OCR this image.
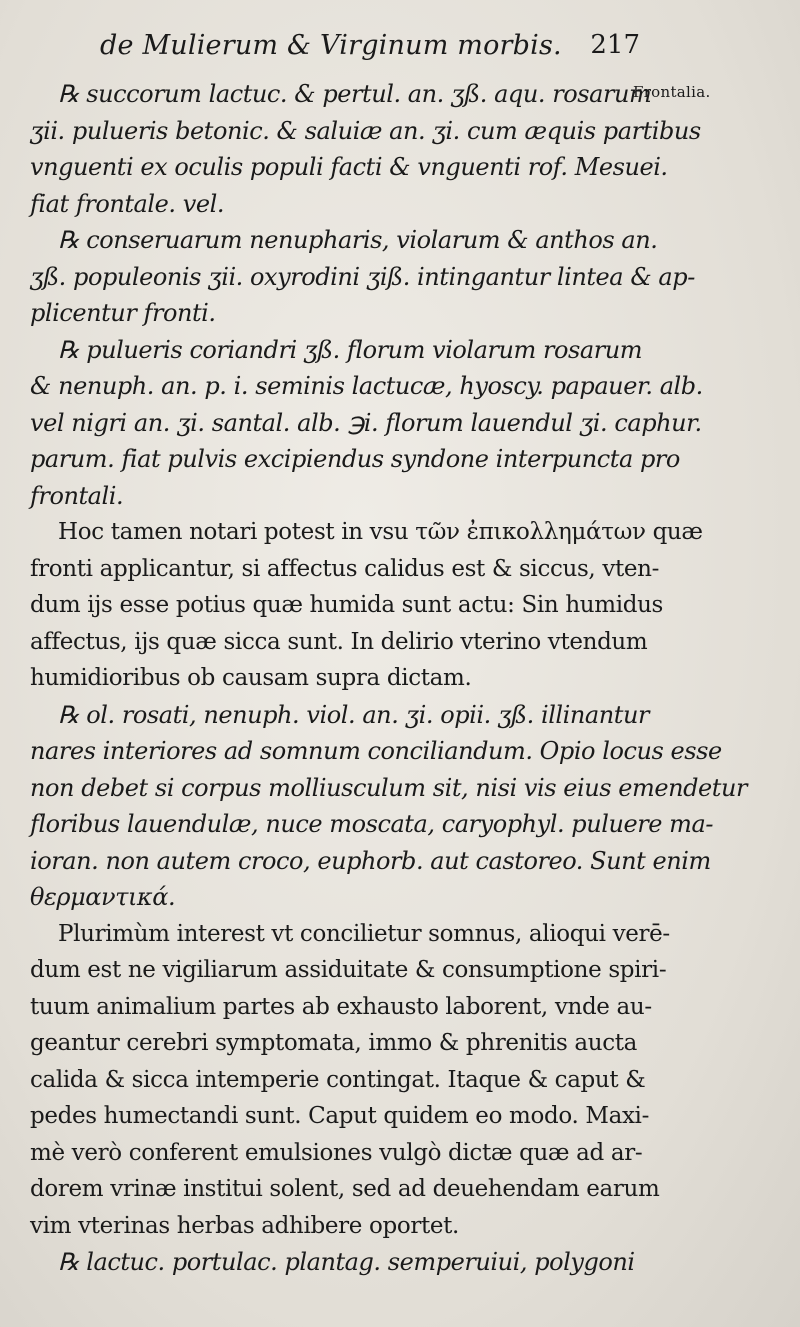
de Mulierum & Virginum morbis. 217
Frontalia.
℞ succorum lactuc. & pertul. an. ʒß. aqu. rosarum
ʒii. pulueris betonic. & saluiæ an. ʒi. cum æquis partibus
vnguenti ex oculis populi facti & vnguenti rof. Mesuei.
fiat frontale. vel.
℞ conseruarum nenupharis, violarum & anthos an.
ʒß. populeonis ʒii. oxyrodini ʒiß. intingantur lintea & ap-
plicentur fronti.
℞ pulueris coriandri ʒß. florum violarum rosarum
& nenuph. an. p. i. seminis lactucæ, hyoscy. papauer. alb.
vel nigri an. ʒi. santal. alb. ℈i. florum lauendul ʒi. caphur.
parum. fiat pulvis excipiendus syndone interpuncta pro
frontali.
Hoc tamen notari potest in vsu τῶν ἐπικολλημάτων quæ
fronti applicantur, si affectus calidus est & siccus, vten-
dum ijs esse potius quæ humida sunt actu: Sin humidus
affectus, ijs quæ sicca sunt. In delirio vterino vtendum
humidioribus ob causam supra dictam.
℞ ol. rosati, nenuph. viol. an. ʒi. opii. ʒß. illinantur
nares interiores ad somnum conciliandum. Opio locus esse
non debet si corpus molliusculum sit, nisi vis eius emendetur
floribus lauendulæ, nuce moscata, caryophyl. puluere ma-
ioran. non autem croco, euphorb. aut castoreo. Sunt enim
θερμαντικά.
Plurimùm interest vt concilietur somnus, alioqui verē-
dum est ne vigiliarum assiduitate & consumptione spiri-
tuum animalium partes ab exhausto laborent, vnde au-
geantur cerebri symptomata, immo & phrenitis aucta
calida & sicca intemperie contingat. Itaque & caput &
pedes humectandi sunt. Caput quidem eo modo. Maxi-
mè verò conferent emulsiones vulgò dictæ quæ ad ar-
dorem vrinæ institui solent, sed ad deuehendam earum
vim vterinas herbas adhibere oportet.
℞ lactuc. portulac. plantag. semperuiui, polygoni
